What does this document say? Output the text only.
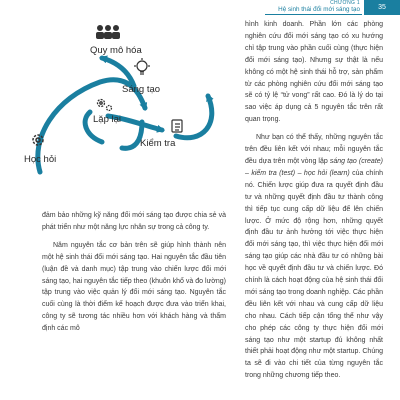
CHƯƠNG 1
Hệ sinh thái đổi mới sáng tạo	35
Quy mô hóa
Sáng tạo
Lặp lại
Kiểm tra
Học hỏi

đảm bảo những kỹ năng đổi mới sáng tạo được chia sẻ và phát triển như một năng lực nhân sự trong cả công ty.

Năm nguyên tắc cơ bản trên sẽ giúp hình thành nên một hệ sinh thái đổi mới sáng tạo. Hai nguyên tắc đầu tiên (luận đề và danh mục) tập trung vào chiến lược đổi mới sáng tạo, hai nguyên tắc tiếp theo (khuôn khổ và đo lường) tập trung vào việc quản lý đổi mới sáng tạo. Nguyên tắc cuối cùng là thời điểm kế hoạch được đưa vào triển khai, công ty sẽ tương tác nhiều hơn với khách hàng và thẩm định các mô

hình kinh doanh. Phần lớn các phòng nghiên cứu đổi mới sáng tạo có xu hướng chỉ tập trung vào phần cuối cùng (thực hiện đổi mới sáng tạo). Nhưng sự thật là nếu không có một hệ sinh thái hỗ trợ, sản phẩm từ các phòng nghiên cứu đổi mới sáng tạo sẽ có tỷ lệ “tử vong” rất cao. Đó là lý do tại sao việc áp dụng cả 5 nguyên tắc trên rất quan trọng.

Như bạn có thể thấy, những nguyên tắc trên đều liên kết với nhau; mỗi nguyên tắc đều dựa trên một vòng lặp sáng tạo (create) – kiểm tra (test) – học hỏi (learn) của chính nó. Chiến lược giúp đưa ra quyết định đầu tư và những quyết định đầu tư thành công thì tiếp tục cung cấp dữ liệu để lên chiến lược. Ở mức độ rộng hơn, những quyết định đầu tư ảnh hưởng tới việc thực hiện đổi mới sáng tạo, thì việc thực hiện đổi mới sáng tạo giúp các nhà đầu tư có những bài học về quyết định đầu tư và chiến lược. Đó chính là cách hoạt động của hệ sinh thái đổi mới sáng tạo trong doanh nghiệp. Các phần đều liên kết với nhau và cung cấp dữ liệu cho nhau. Cách tiếp cận tổng thể như vậy cho phép các công ty thực hiện đổi mới sáng tạo như một startup đủ không nhất thiết phải hoạt động như một startup. Chúng ta sẽ đi vào chi tiết của từng nguyên tắc trong những chương tiếp theo.
